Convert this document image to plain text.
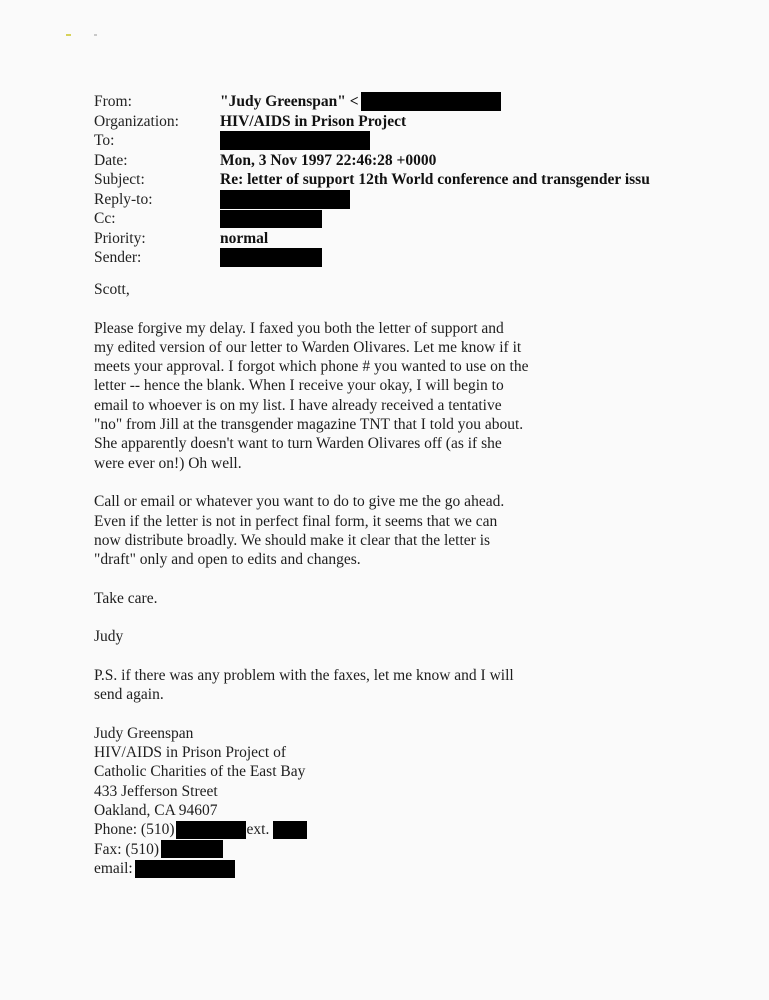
From:	"Judy Greenspan" <
Organization:	HIV/AIDS in Prison Project
To:
Date:	Mon, 3 Nov 1997 22:46:28 +0000
Subject:	Re: letter of support 12th World conference and transgender issu
Reply-to:
Cc:
Priority:	normal
Sender:

Scott,

Please forgive my delay. I faxed you both the letter of support and
my edited version of our letter to Warden Olivares. Let me know if it
meets your approval. I forgot which phone # you wanted to use on the
letter -- hence the blank. When I receive your okay, I will begin to
email to whoever is on my list. I have already received a tentative
"no" from Jill at the transgender magazine TNT that I told you about.
She apparently doesn't want to turn Warden Olivares off (as if she
were ever on!) Oh well.

Call or email or whatever you want to do to give me the go ahead.
Even if the letter is not in perfect final form, it seems that we can
now distribute broadly. We should make it clear that the letter is
"draft" only and open to edits and changes.

Take care.

Judy

P.S. if there was any problem with the faxes, let me know and I will
send again.

Judy Greenspan
HIV/AIDS in Prison Project of
Catholic Charities of the East Bay
433 Jefferson Street
Oakland, CA 94607
Phone: (510)	ext.
Fax: (510)
email:
